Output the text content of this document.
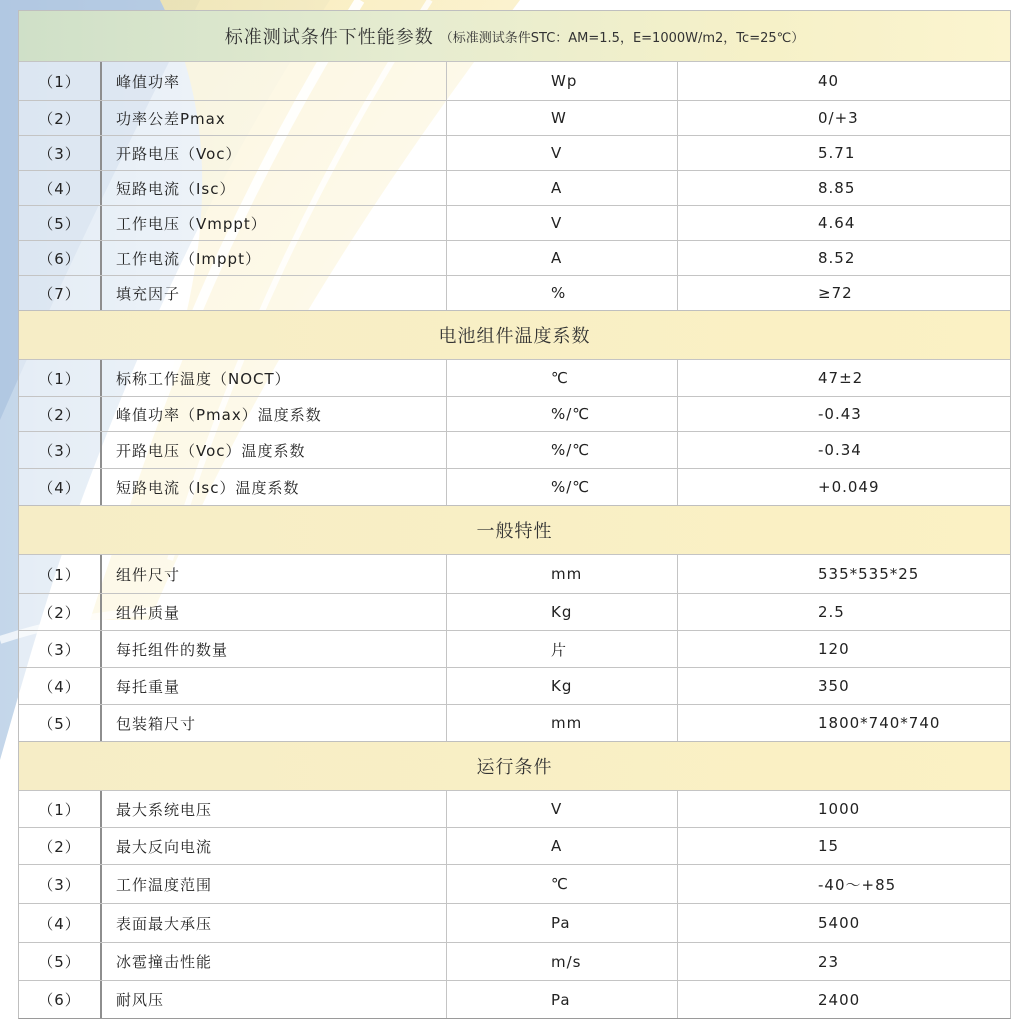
标准测试条件下性能参数 （标准测试条件STC：AM=1.5，E=1000W/m2，Tc=25℃）
（1）	峰值功率	Wp	40
（2）	功率公差Pmax	W	0/+3
（3）	开路电压（Voc）	V	5.71
（4）	短路电流（Isc）	A	8.85
（5）	工作电压（Vmppt）	V	4.64
（6）	工作电流（Imppt）	A	8.52
（7）	填充因子	%	≥72
电池组件温度系数
（1）	标称工作温度（NOCT）	℃	47±2
（2）	峰值功率（Pmax）温度系数	%/℃	-0.43
（3）	开路电压（Voc）温度系数	%/℃	-0.34
（4）	短路电流（Isc）温度系数	%/℃	+0.049
一般特性
（1）	组件尺寸	mm	535*535*25
（2）	组件质量	Kg	2.5
（3）	每托组件的数量	片	120
（4）	每托重量	Kg	350
（5）	包装箱尺寸	mm	1800*740*740
运行条件
（1）	最大系统电压	V	1000
（2）	最大反向电流	A	15
（3）	工作温度范围	℃	-40～+85
（4）	表面最大承压	Pa	5400
（5）	冰雹撞击性能	m/s	23
（6）	耐风压	Pa	2400
